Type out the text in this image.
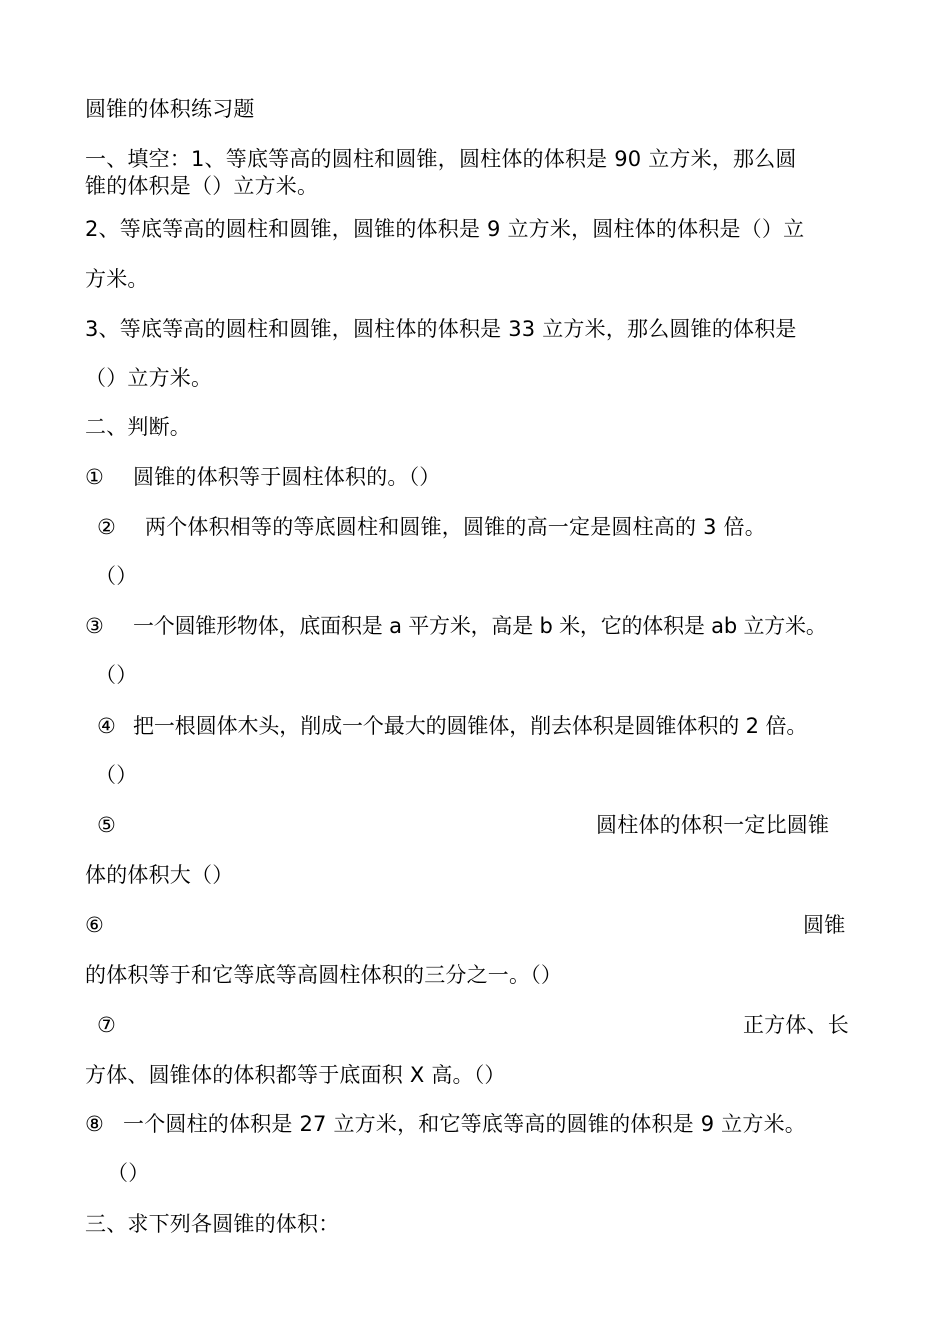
圆锥的体积练习题
一、填空：1、等底等高的圆柱和圆锥，圆柱体的体积是 90 立方米，那么圆
锥的体积是（）立方米。
2、等底等高的圆柱和圆锥，圆锥的体积是 9 立方米，圆柱体的体积是（）立
方米。
3、等底等高的圆柱和圆锥，圆柱体的体积是 33 立方米，那么圆锥的体积是
（）立方米。
二、判断。
① 圆锥的体积等于圆柱体积的。（）
② 两个体积相等的等底圆柱和圆锥，圆锥的高一定是圆柱高的 3 倍。
（）
③ 一个圆锥形物体，底面积是 a 平方米，高是 b 米，它的体积是 ab 立方米。
（）
④ 把一根圆体木头，削成一个最大的圆锥体，削去体积是圆锥体积的 2 倍。
（）
⑤	圆柱体的体积一定比圆锥
体的体积大（）
⑥	圆锥
的体积等于和它等底等高圆柱体积的三分之一。（）
⑦	正方体、长
方体、圆锥体的体积都等于底面积 X 高。（）
⑧ 一个圆柱的体积是 27 立方米，和它等底等高的圆锥的体积是 9 立方米。
（）
三、求下列各圆锥的体积：
